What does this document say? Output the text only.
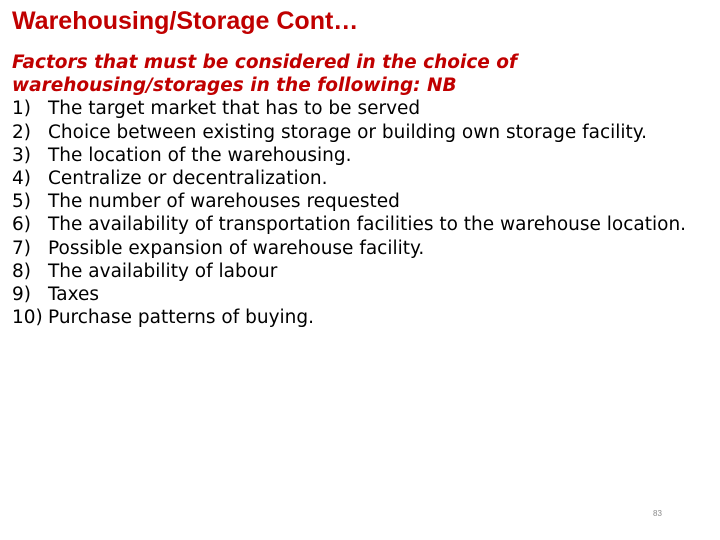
Warehousing/Storage Cont…

Factors that must be considered in the choice of warehousing/storages in the following: NB

1) The target market that has to be served
2) Choice between existing storage or building own storage facility.
3) The location of the warehousing.
4) Centralize or decentralization.
5) The number of warehouses requested
6) The availability of transportation facilities to the warehouse location.
7) Possible expansion of warehouse facility.
8) The availability of labour
9) Taxes
10) Purchase patterns of buying.
83
